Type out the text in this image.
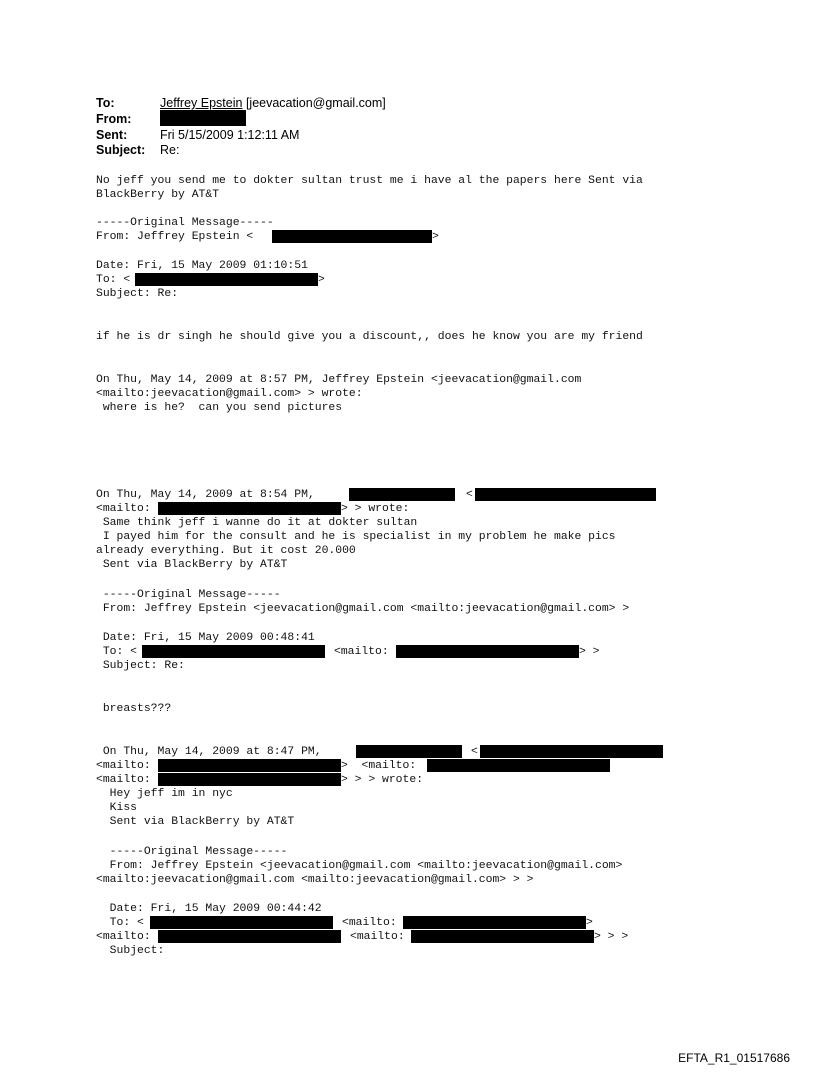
To:	Jeffrey Epstein [jeevacation@gmail.com]
From:
Sent:	Fri 5/15/2009 1:12:11 AM
Subject: Re:
No jeff you send me to dokter sultan trust me i have al the papers here Sent via
BlackBerry by AT&T
-----Original Message-----
From: Jeffrey Epstein <	>
Date: Fri, 15 May 2009 01:10:51
To: <	>
Subject: Re:
if he is dr singh he should give you a discount,, does he know you are my friend
On Thu, May 14, 2009 at 8:57 PM, Jeffrey Epstein <jeevacation@gmail.com
<mailto:jeevacation@gmail.com> > wrote:
where is he?  can you send pictures
On Thu, May 14, 2009 at 8:54 PM,	<
<mailto:	> > wrote:
Same think jeff i wanne do it at dokter sultan
I payed him for the consult and he is specialist in my problem he make pics
already everything. But it cost 20.000
Sent via BlackBerry by AT&T
-----Original Message-----
From: Jeffrey Epstein <jeevacation@gmail.com <mailto:jeevacation@gmail.com> >
Date: Fri, 15 May 2009 00:48:41
To: <	<mailto:	> >
Subject: Re:
breasts???
On Thu, May 14, 2009 at 8:47 PM,	<
<mailto:	>  <mailto:
<mailto:	> > > wrote:
Hey jeff im in nyc
Kiss
Sent via BlackBerry by AT&T
-----Original Message-----
From: Jeffrey Epstein <jeevacation@gmail.com <mailto:jeevacation@gmail.com>
<mailto:jeevacation@gmail.com <mailto:jeevacation@gmail.com> > >
Date: Fri, 15 May 2009 00:44:42
To: <	<mailto:	>
<mailto:	<mailto:	> > >
Subject:
EFTA_R1_01517686
